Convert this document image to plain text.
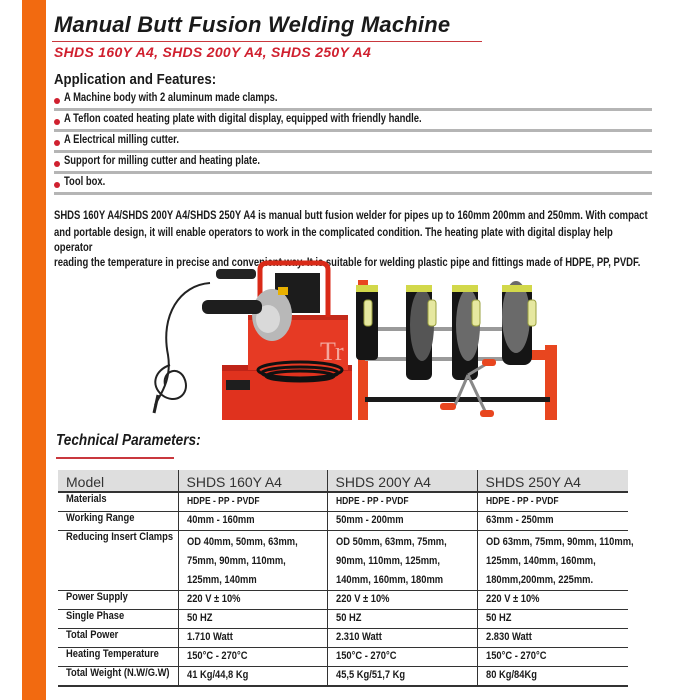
Manual Butt Fusion Welding Machine
SHDS 160Y A4, SHDS 200Y A4, SHDS 250Y A4
Application and Features:
A Machine body with 2 aluminum made clamps.
A Teflon coated heating plate with digital display, equipped with friendly handle.
A Electrical milling cutter.
Support for milling cutter and heating plate.
Tool box.
SHDS 160Y A4/SHDS 200Y A4/SHDS 250Y A4 is manual butt fusion welder for pipes up to 160mm 200mm and 250mm. With compact
and portable design, it will enable operators to work in the complicated condition. The heating plate with digital display help operator
reading the temperature in precise and convenient way. It is suitable for welding plastic pipe and fittings made of HDPE, PP, PVDF.
Tr
Technical Parameters:
Model	SHDS 160Y A4	SHDS 200Y A4	SHDS 250Y A4
Materials	HDPE - PP - PVDF	HDPE - PP - PVDF	HDPE - PP - PVDF
Working Range	40mm - 160mm	50mm - 200mm	63mm - 250mm
Reducing Insert Clamps	OD 40mm, 50mm, 63mm,
75mm, 90mm, 110mm,
125mm, 140mm	OD 50mm, 63mm, 75mm,
90mm, 110mm, 125mm,
140mm, 160mm, 180mm	OD 63mm, 75mm, 90mm, 110mm,
125mm, 140mm, 160mm,
180mm,200mm, 225mm.

Power Supply	220 V ± 10%	220 V ± 10%	220 V ± 10%
Single Phase	50 HZ	50 HZ	50 HZ
Total Power	1.710 Watt	2.310 Watt	2.830 Watt
Heating Temperature	150°C - 270°C	150°C - 270°C	150°C - 270°C
Total Weight (N.W/G.W)	41 Kg/44,8 Kg	45,5 Kg/51,7 Kg	80 Kg/84Kg
